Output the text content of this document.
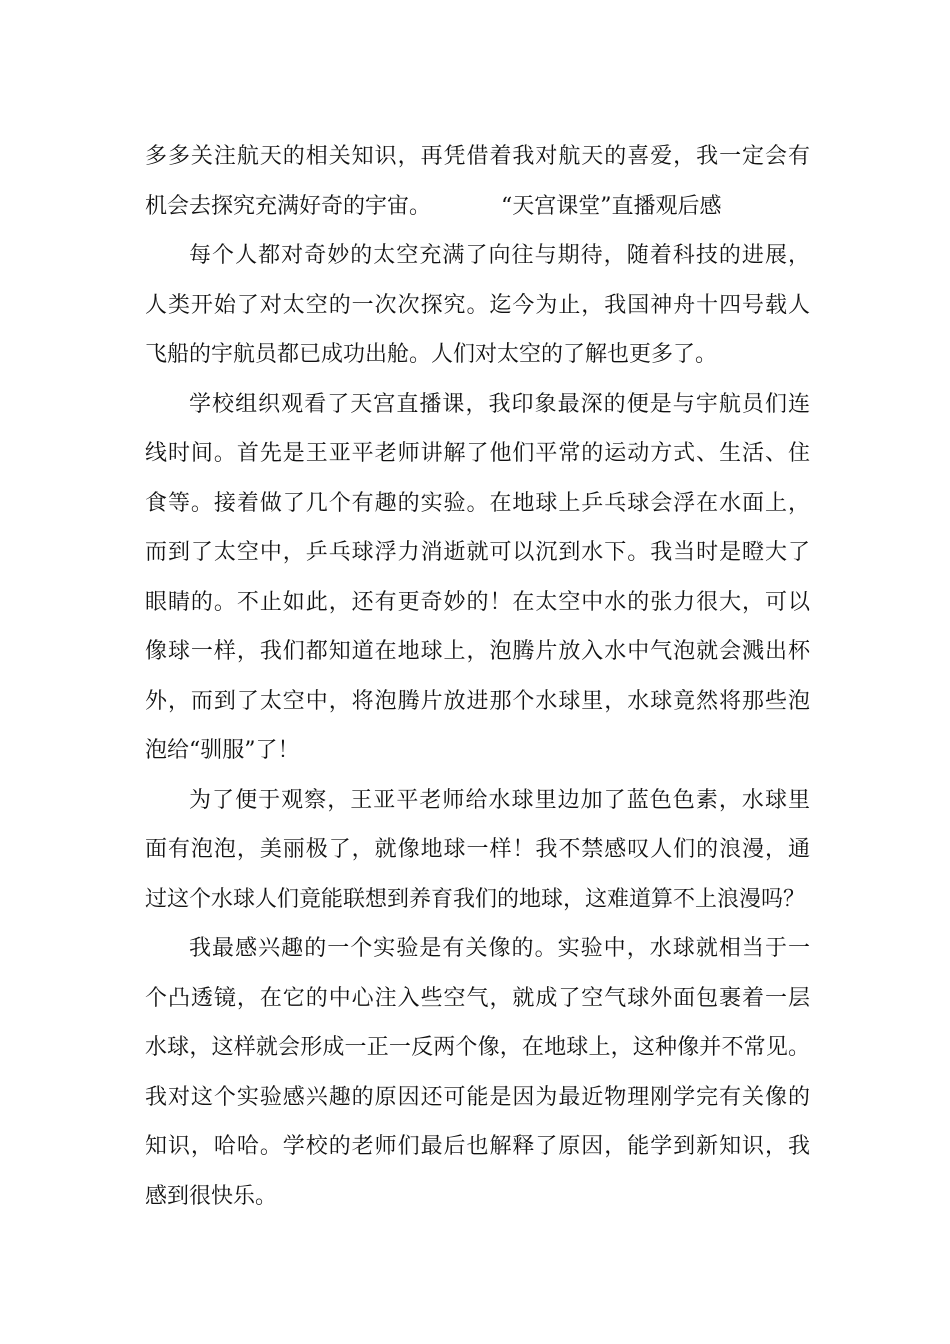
多多关注航天的相关知识，再凭借着我对航天的喜爱，我一定会有
机会去探究充满好奇的宇宙。	“天宫课堂”直播观后感
每个人都对奇妙的太空充满了向往与期待，随着科技的进展，
人类开始了对太空的一次次探究。迄今为止，我国神舟十四号载人
飞船的宇航员都已成功出舱。人们对太空的了解也更多了。
学校组织观看了天宫直播课，我印象最深的便是与宇航员们连
线时间。首先是王亚平老师讲解了他们平常的运动方式、生活、住
食等。接着做了几个有趣的实验。在地球上乒乓球会浮在水面上，
而到了太空中，乒乓球浮力消逝就可以沉到水下。我当时是瞪大了
眼睛的。不止如此，还有更奇妙的！在太空中水的张力很大，可以
像球一样，我们都知道在地球上，泡腾片放入水中气泡就会溅出杯
外，而到了太空中，将泡腾片放进那个水球里，水球竟然将那些泡
泡给“驯服”了！
为了便于观察，王亚平老师给水球里边加了蓝色色素，水球里
面有泡泡，美丽极了，就像地球一样！我不禁感叹人们的浪漫，通
过这个水球人们竟能联想到养育我们的地球，这难道算不上浪漫吗？
我最感兴趣的一个实验是有关像的。实验中，水球就相当于一
个凸透镜，在它的中心注入些空气，就成了空气球外面包裹着一层
水球，这样就会形成一正一反两个像，在地球上，这种像并不常见。
我对这个实验感兴趣的原因还可能是因为最近物理刚学完有关像的
知识，哈哈。学校的老师们最后也解释了原因，能学到新知识，我
感到很快乐。
